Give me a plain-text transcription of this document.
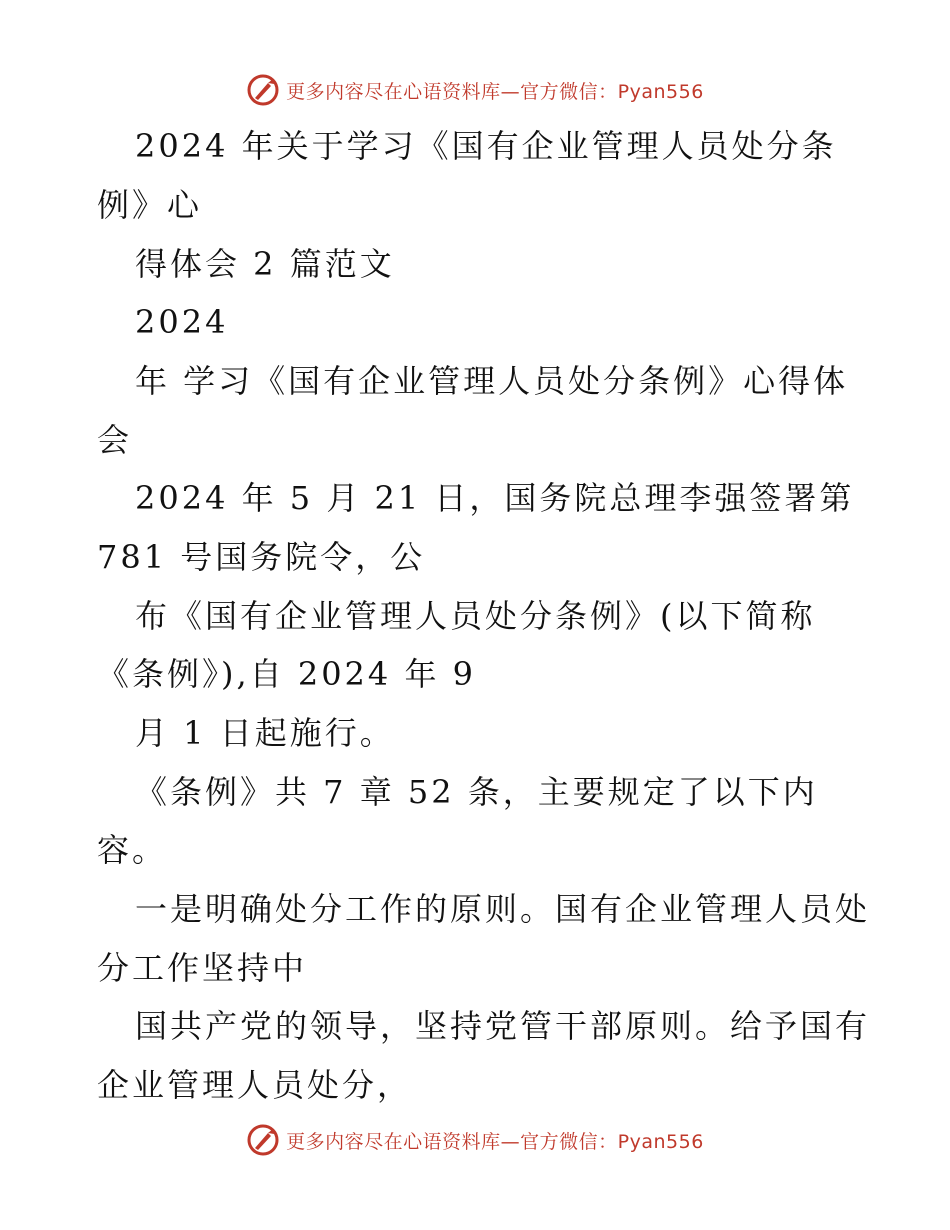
更多内容尽在心语资料库—官方微信：Pyan556
2024 年关于学习《国有企业管理人员处分条
例》心
得体会 2 篇范文
2024
年 学习《国有企业管理人员处分条例》心得体
会
2024 年 5 月 21 日，国务院总理李强签署第
781 号国务院令，公
布《国有企业管理人员处分条例》(以下简称
《条例》),自 2024 年 9
月 1 日起施行。
《条例》共 7 章 52 条，主要规定了以下内
容。
一是明确处分工作的原则。国有企业管理人员处
分工作坚持中
国共产党的领导，坚持党管干部原则。给予国有
企业管理人员处分，
更多内容尽在心语资料库—官方微信：Pyan556
